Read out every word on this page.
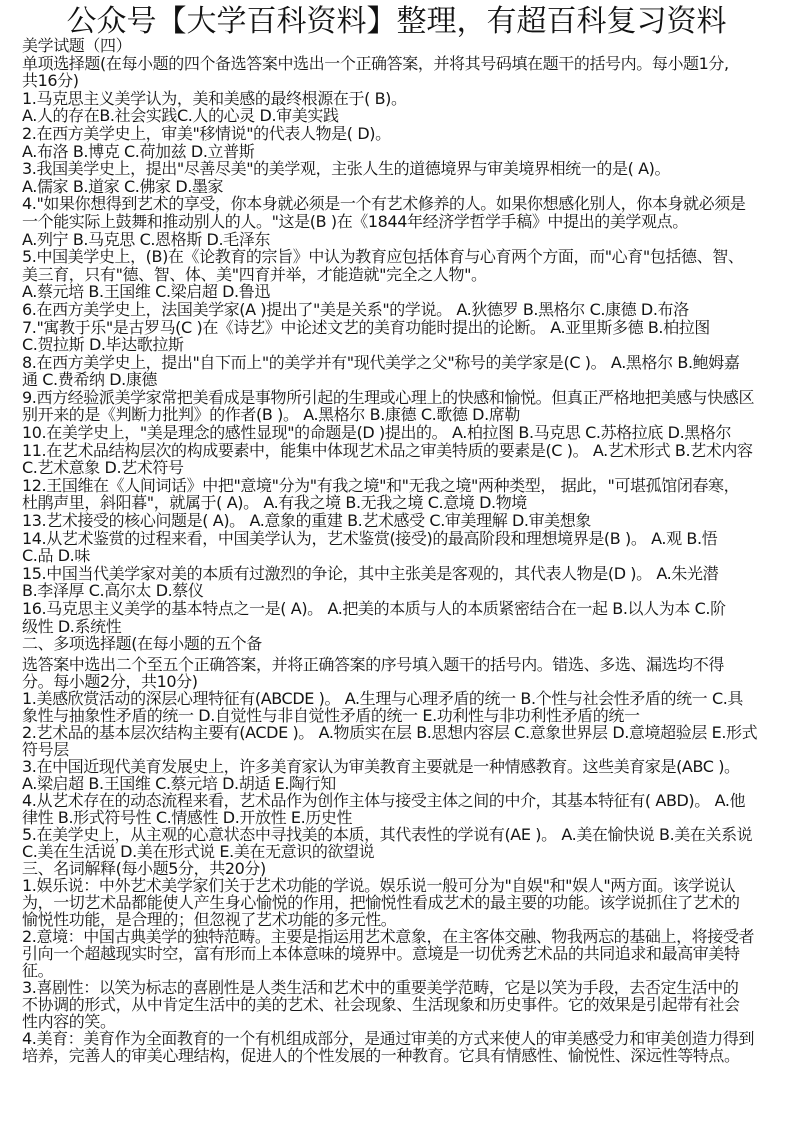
公众号【大学百科资料】整理，有超百科复习资料
美学试题（四）
单项选择题(在每小题的四个备选答案中选出一个正确答案，并将其号码填在题干的括号内。每小题1分,
共16分)
1.马克思主义美学认为，美和美感的最终根源在于( B)。
A.人的存在B.社会实践C.人的心灵 D.审美实践
2.在西方美学史上，审美"移情说"的代表人物是( D)。
A.布洛 B.博克 C.荷加兹 D.立普斯
3.我国美学史上，提出"尽善尽美"的美学观，主张人生的道德境界与审美境界相统一的是( A)。
A.儒家 B.道家 C.佛家 D.墨家
4."如果你想得到艺术的享受，你本身就必须是一个有艺术修养的人。如果你想感化别人，你本身就必须是
一个能实际上鼓舞和推动别人的人。"这是(B )在《1844年经济学哲学手稿》中提出的美学观点。
A.列宁 B.马克思 C.恩格斯 D.毛泽东
5.中国美学史上，(B)在《论教育的宗旨》中认为教育应包括体育与心育两个方面，而"心育"包括德、智、
美三育，只有"德、智、体、美"四育并举，才能造就"完全之人物"。
A.蔡元培 B.王国维 C.梁启超 D.鲁迅
6.在西方美学史上，法国美学家(A )提出了"美是关系"的学说。 A.狄德罗 B.黑格尔 C.康德 D.布洛
7."寓教于乐"是古罗马(C )在《诗艺》中论述文艺的美育功能时提出的论断。 A.亚里斯多德 B.柏拉图
C.贺拉斯 D.毕达歌拉斯
8.在西方美学史上，提出"自下而上"的美学并有"现代美学之父"称号的美学家是(C )。 A.黑格尔 B.鲍姆嘉
通 C.费希纳 D.康德
9.西方经验派美学家常把美看成是事物所引起的生理或心理上的快感和愉悦。但真正严格地把美感与快感区
别开来的是《判断力批判》的作者(B )。 A.黑格尔 B.康德 C.歌德 D.席勒
10.在美学史上，"美是理念的感性显现"的命题是(D )提出的。 A.柏拉图 B.马克思 C.苏格拉底 D.黑格尔
11.在艺术品结构层次的构成要素中，能集中体现艺术品之审美特质的要素是(C )。 A.艺术形式 B.艺术内容
C.艺术意象 D.艺术符号
12.王国维在《人间词话》中把"意境"分为"有我之境"和"无我之境"两种类型， 据此，"可堪孤馆闭春寒，
杜鹃声里，斜阳暮"，就属于( A)。 A.有我之境 B.无我之境 C.意境 D.物境
13.艺术接受的核心问题是( A)。 A.意象的重建 B.艺术感受 C.审美理解 D.审美想象
14.从艺术鉴赏的过程来看，中国美学认为，艺术鉴赏(接受)的最高阶段和理想境界是(B )。 A.观 B.悟
C.品 D.味
15.中国当代美学家对美的本质有过激烈的争论，其中主张美是客观的，其代表人物是(D )。 A.朱光潜
B.李泽厚 C.高尔太 D.蔡仪
16.马克思主义美学的基本特点之一是( A)。 A.把美的本质与人的本质紧密结合在一起 B.以人为本 C.阶
级性 D.系统性
二、多项选择题(在每小题的五个备
选答案中选出二个至五个正确答案，并将正确答案的序号填入题干的括号内。错选、多选、漏选均不得
分。每小题2分，共10分)
1.美感欣赏活动的深层心理特征有(ABCDE )。 A.生理与心理矛盾的统一 B.个性与社会性矛盾的统一 C.具
象性与抽象性矛盾的统一 D.自觉性与非自觉性矛盾的统一 E.功利性与非功利性矛盾的统一
2.艺术品的基本层次结构主要有(ACDE )。 A.物质实在层 B.思想内容层 C.意象世界层 D.意境超验层 E.形式
符号层
3.在中国近现代美育发展史上，许多美育家认为审美教育主要就是一种情感教育。这些美育家是(ABC )。
A.梁启超 B.王国维 C.蔡元培 D.胡适 E.陶行知
4.从艺术存在的动态流程来看，艺术品作为创作主体与接受主体之间的中介，其基本特征有( ABD)。 A.他
律性 B.形式符号性 C.情感性 D.开放性 E.历史性
5.在美学史上，从主观的心意状态中寻找美的本质，其代表性的学说有(AE )。 A.美在愉快说 B.美在关系说
C.美在生活说 D.美在形式说 E.美在无意识的欲望说
三、名词解释(每小题5分，共20分)
1.娱乐说：中外艺术美学家们关于艺术功能的学说。娱乐说一般可分为"自娱"和"娱人"两方面。该学说认
为，一切艺术品都能使人产生身心愉悦的作用，把愉悦性看成艺术的最主要的功能。该学说抓住了艺术的
愉悦性功能，是合理的；但忽视了艺术功能的多元性。
2.意境：中国古典美学的独特范畴。主要是指运用艺术意象，在主客体交融、物我两忘的基础上，将接受者
引向一个超越现实时空，富有形而上本体意味的境界中。意境是一切优秀艺术品的共同追求和最高审美特
征。
3.喜剧性：以笑为标志的喜剧性是人类生活和艺术中的重要美学范畴，它是以笑为手段，去否定生活中的
不协调的形式，从中肯定生活中的美的艺术、社会现象、生活现象和历史事件。它的效果是引起带有社会
性内容的笑。
4.美育：美育作为全面教育的一个有机组成部分，是通过审美的方式来使人的审美感受力和审美创造力得到
培养，完善人的审美心理结构，促进人的个性发展的一种教育。它具有情感性、愉悦性、深远性等特点。
